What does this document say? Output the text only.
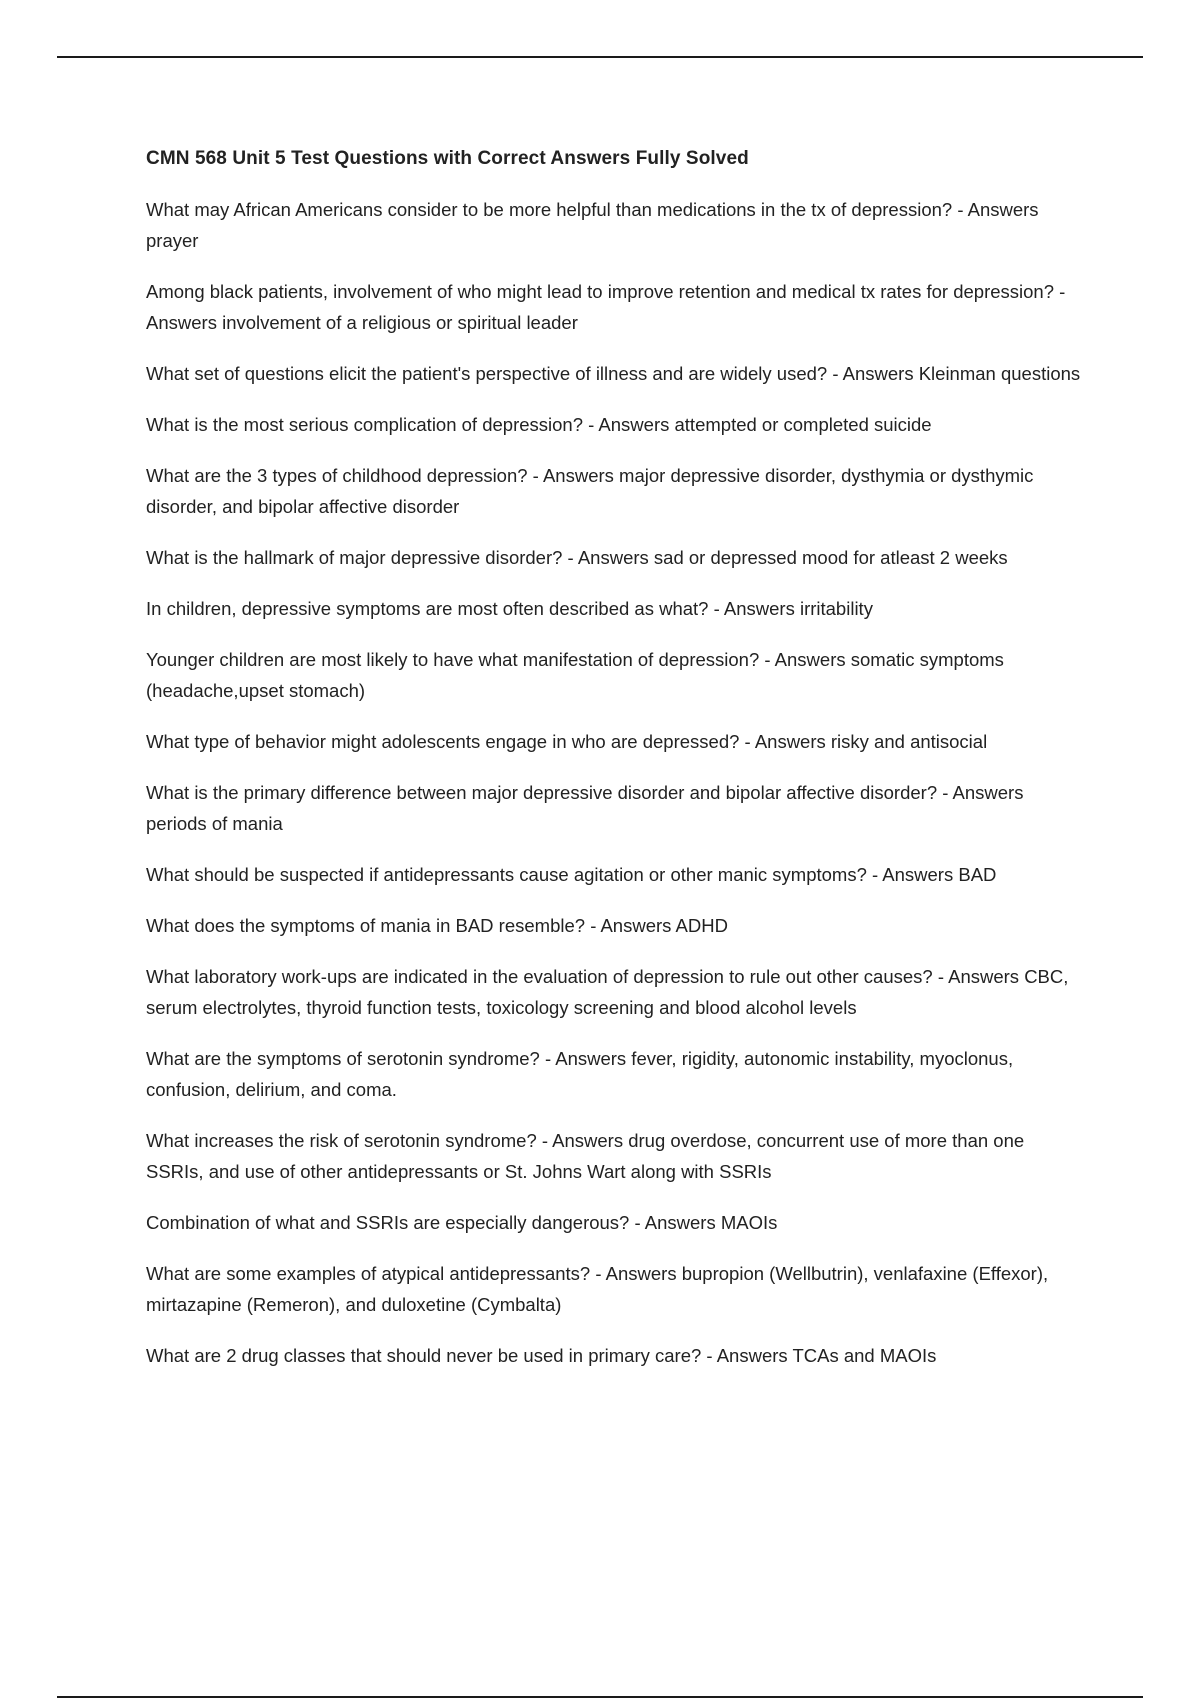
CMN 568 Unit 5 Test Questions with Correct Answers Fully Solved

What may African Americans consider to be more helpful than medications in the tx of depression? - Answers prayer

Among black patients, involvement of who might lead to improve retention and medical tx rates for depression? - Answers involvement of a religious or spiritual leader

What set of questions elicit the patient's perspective of illness and are widely used? - Answers Kleinman questions

What is the most serious complication of depression? - Answers attempted or completed suicide

What are the 3 types of childhood depression? - Answers major depressive disorder, dysthymia or dysthymic disorder, and bipolar affective disorder

What is the hallmark of major depressive disorder? - Answers sad or depressed mood for atleast 2 weeks

In children, depressive symptoms are most often described as what? - Answers irritability

Younger children are most likely to have what manifestation of depression? - Answers somatic symptoms (headache,upset stomach)

What type of behavior might adolescents engage in who are depressed? - Answers risky and antisocial

What is the primary difference between major depressive disorder and bipolar affective disorder? - Answers periods of mania

What should be suspected if antidepressants cause agitation or other manic symptoms? - Answers BAD

What does the symptoms of mania in BAD resemble? - Answers ADHD

What laboratory work-ups are indicated in the evaluation of depression to rule out other causes? - Answers CBC, serum electrolytes, thyroid function tests, toxicology screening and blood alcohol levels

What are the symptoms of serotonin syndrome? - Answers fever, rigidity, autonomic instability, myoclonus, confusion, delirium, and coma.

What increases the risk of serotonin syndrome? - Answers drug overdose, concurrent use of more than one SSRIs, and use of other antidepressants or St. Johns Wart along with SSRIs

Combination of what and SSRIs are especially dangerous? - Answers MAOIs

What are some examples of atypical antidepressants? - Answers bupropion (Wellbutrin), venlafaxine (Effexor), mirtazapine (Remeron), and duloxetine (Cymbalta)

What are 2 drug classes that should never be used in primary care? - Answers TCAs and MAOIs
